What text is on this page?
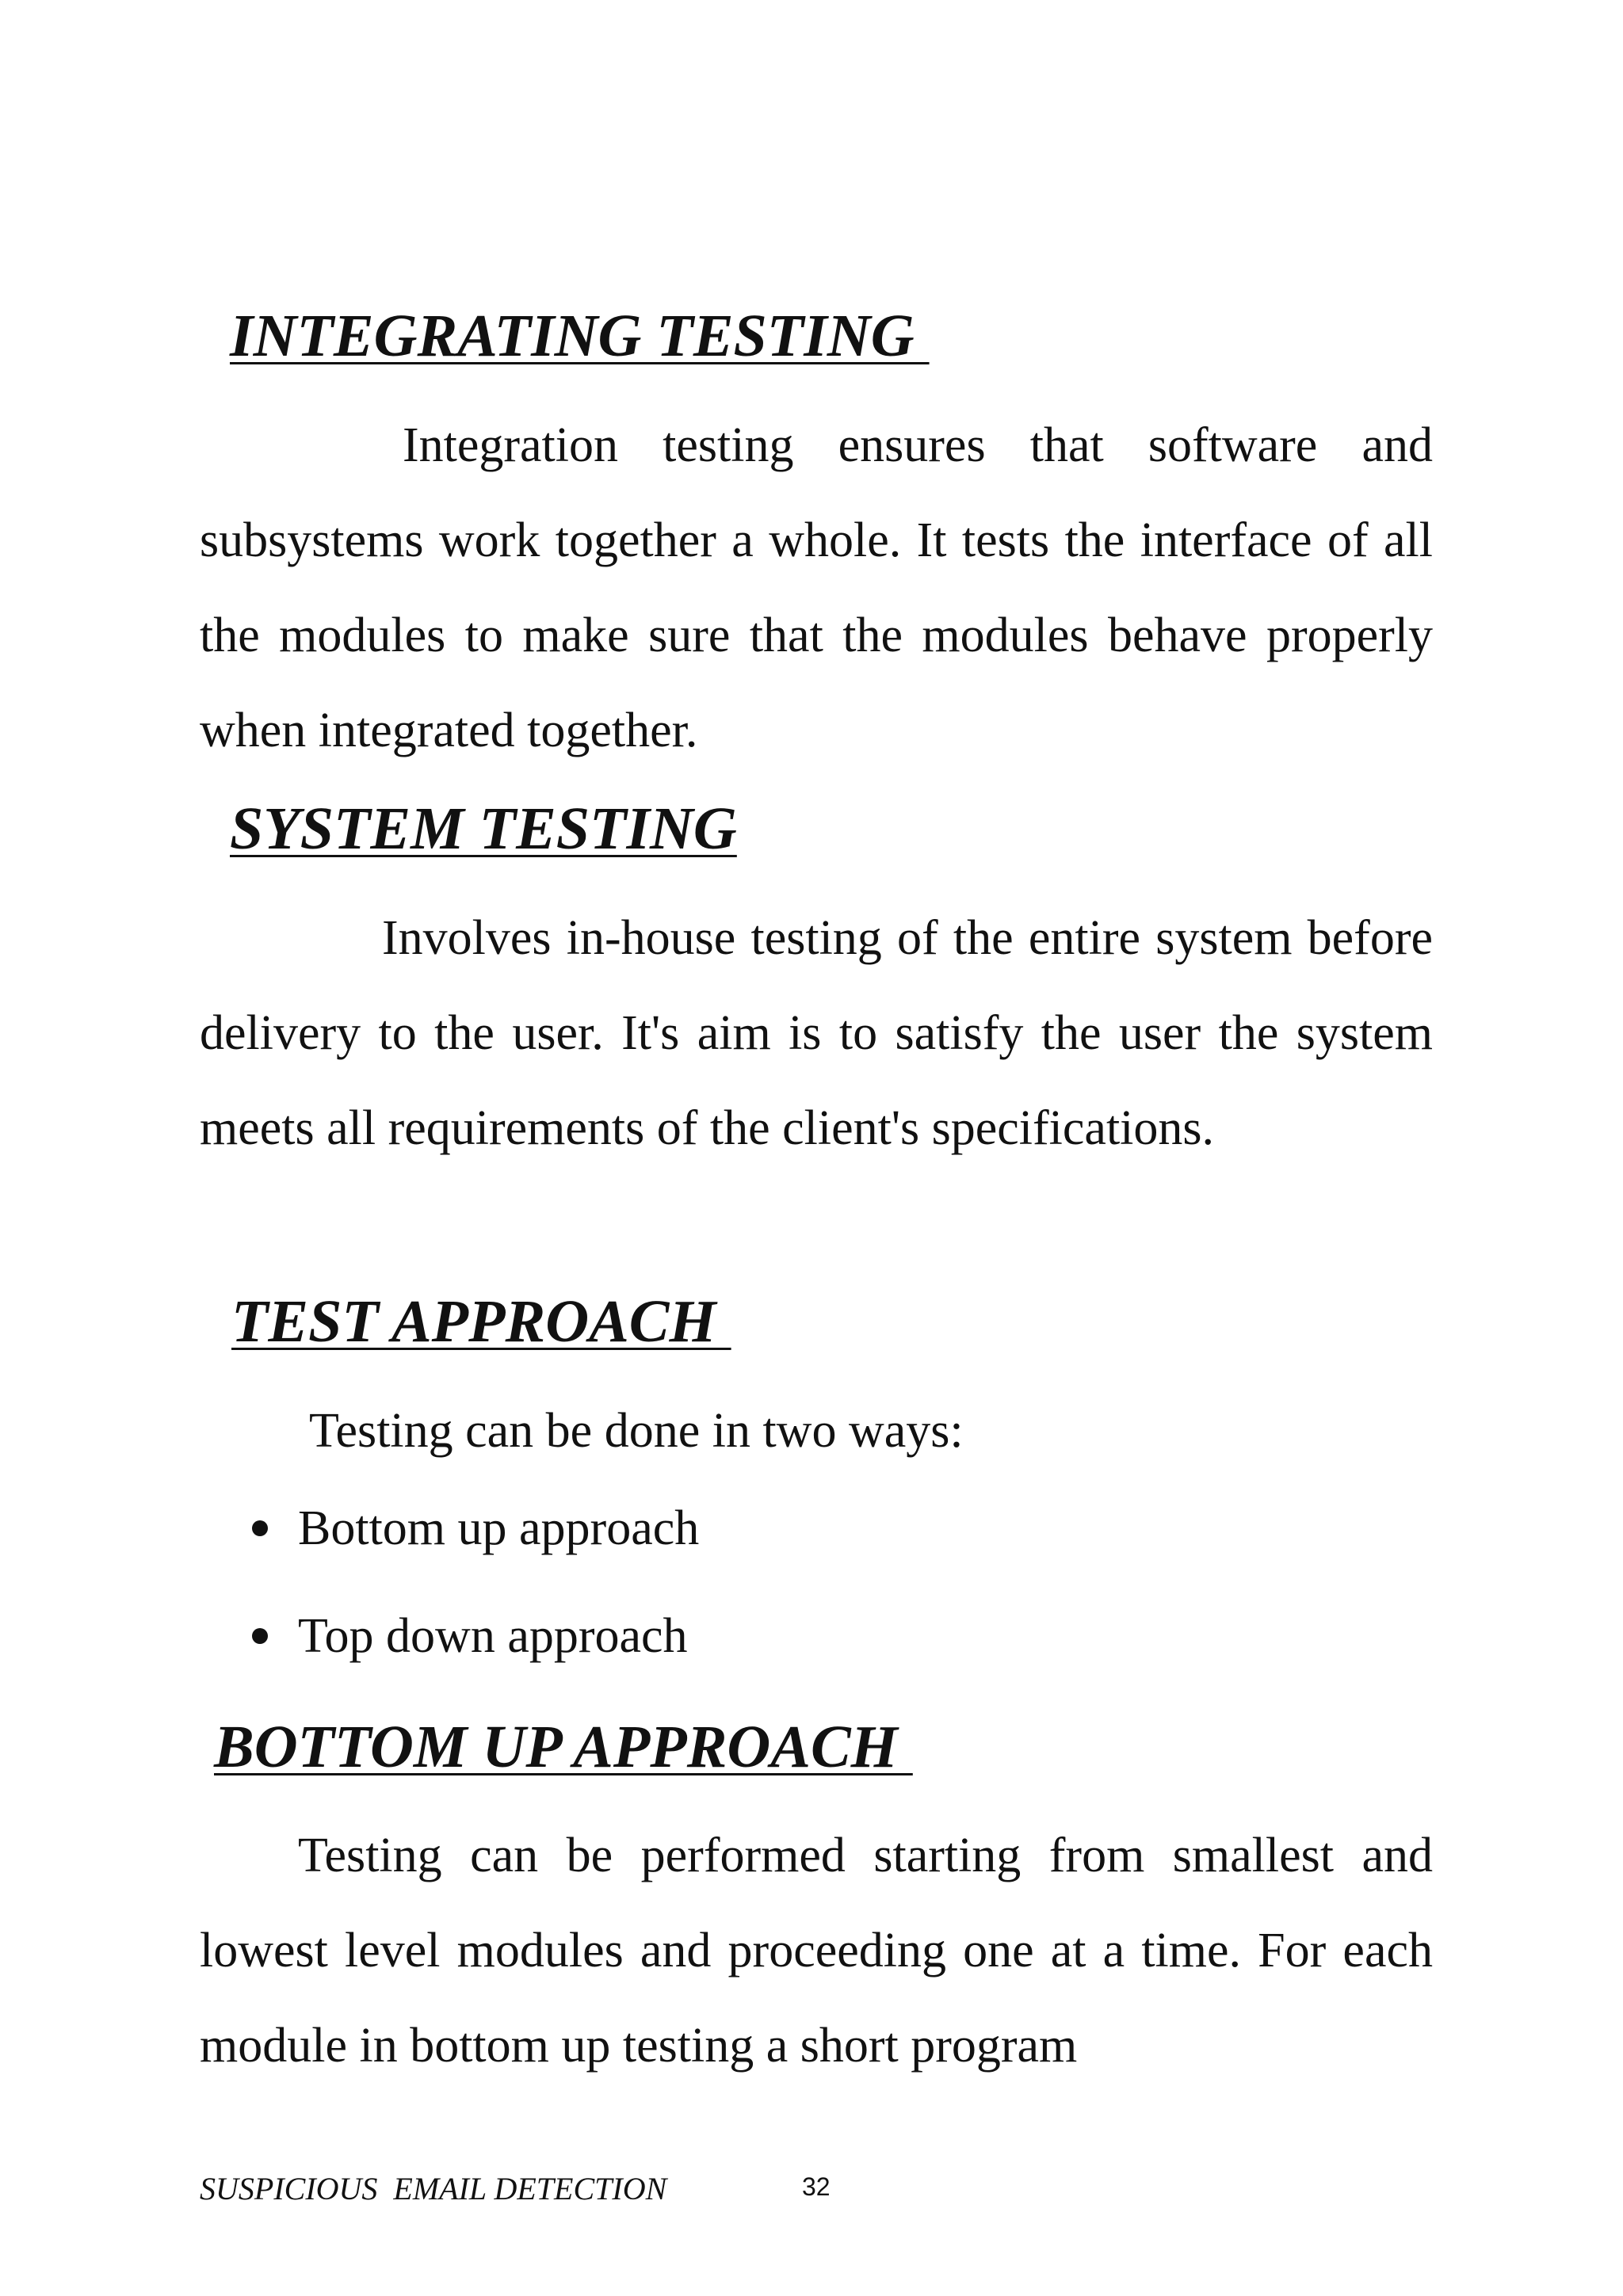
INTEGRATING TESTING

Integration testing ensures that software and subsystems work together a whole. It tests the interface of all the modules to make sure that the modules behave properly when integrated together.

SYSTEM TESTING

Involves in-house testing of the entire system before delivery to the user. It's aim is to satisfy the user the system meets all requirements of the client's specifications.

TEST APPROACH

Testing can be done in two ways:

Bottom up approach
Top down approach
BOTTOM UP APPROACH

Testing can be performed starting from smallest and lowest level modules and proceeding one at a time. For each module in bottom up testing a short program

SUSPICIOUS  EMAIL DETECTION	32
